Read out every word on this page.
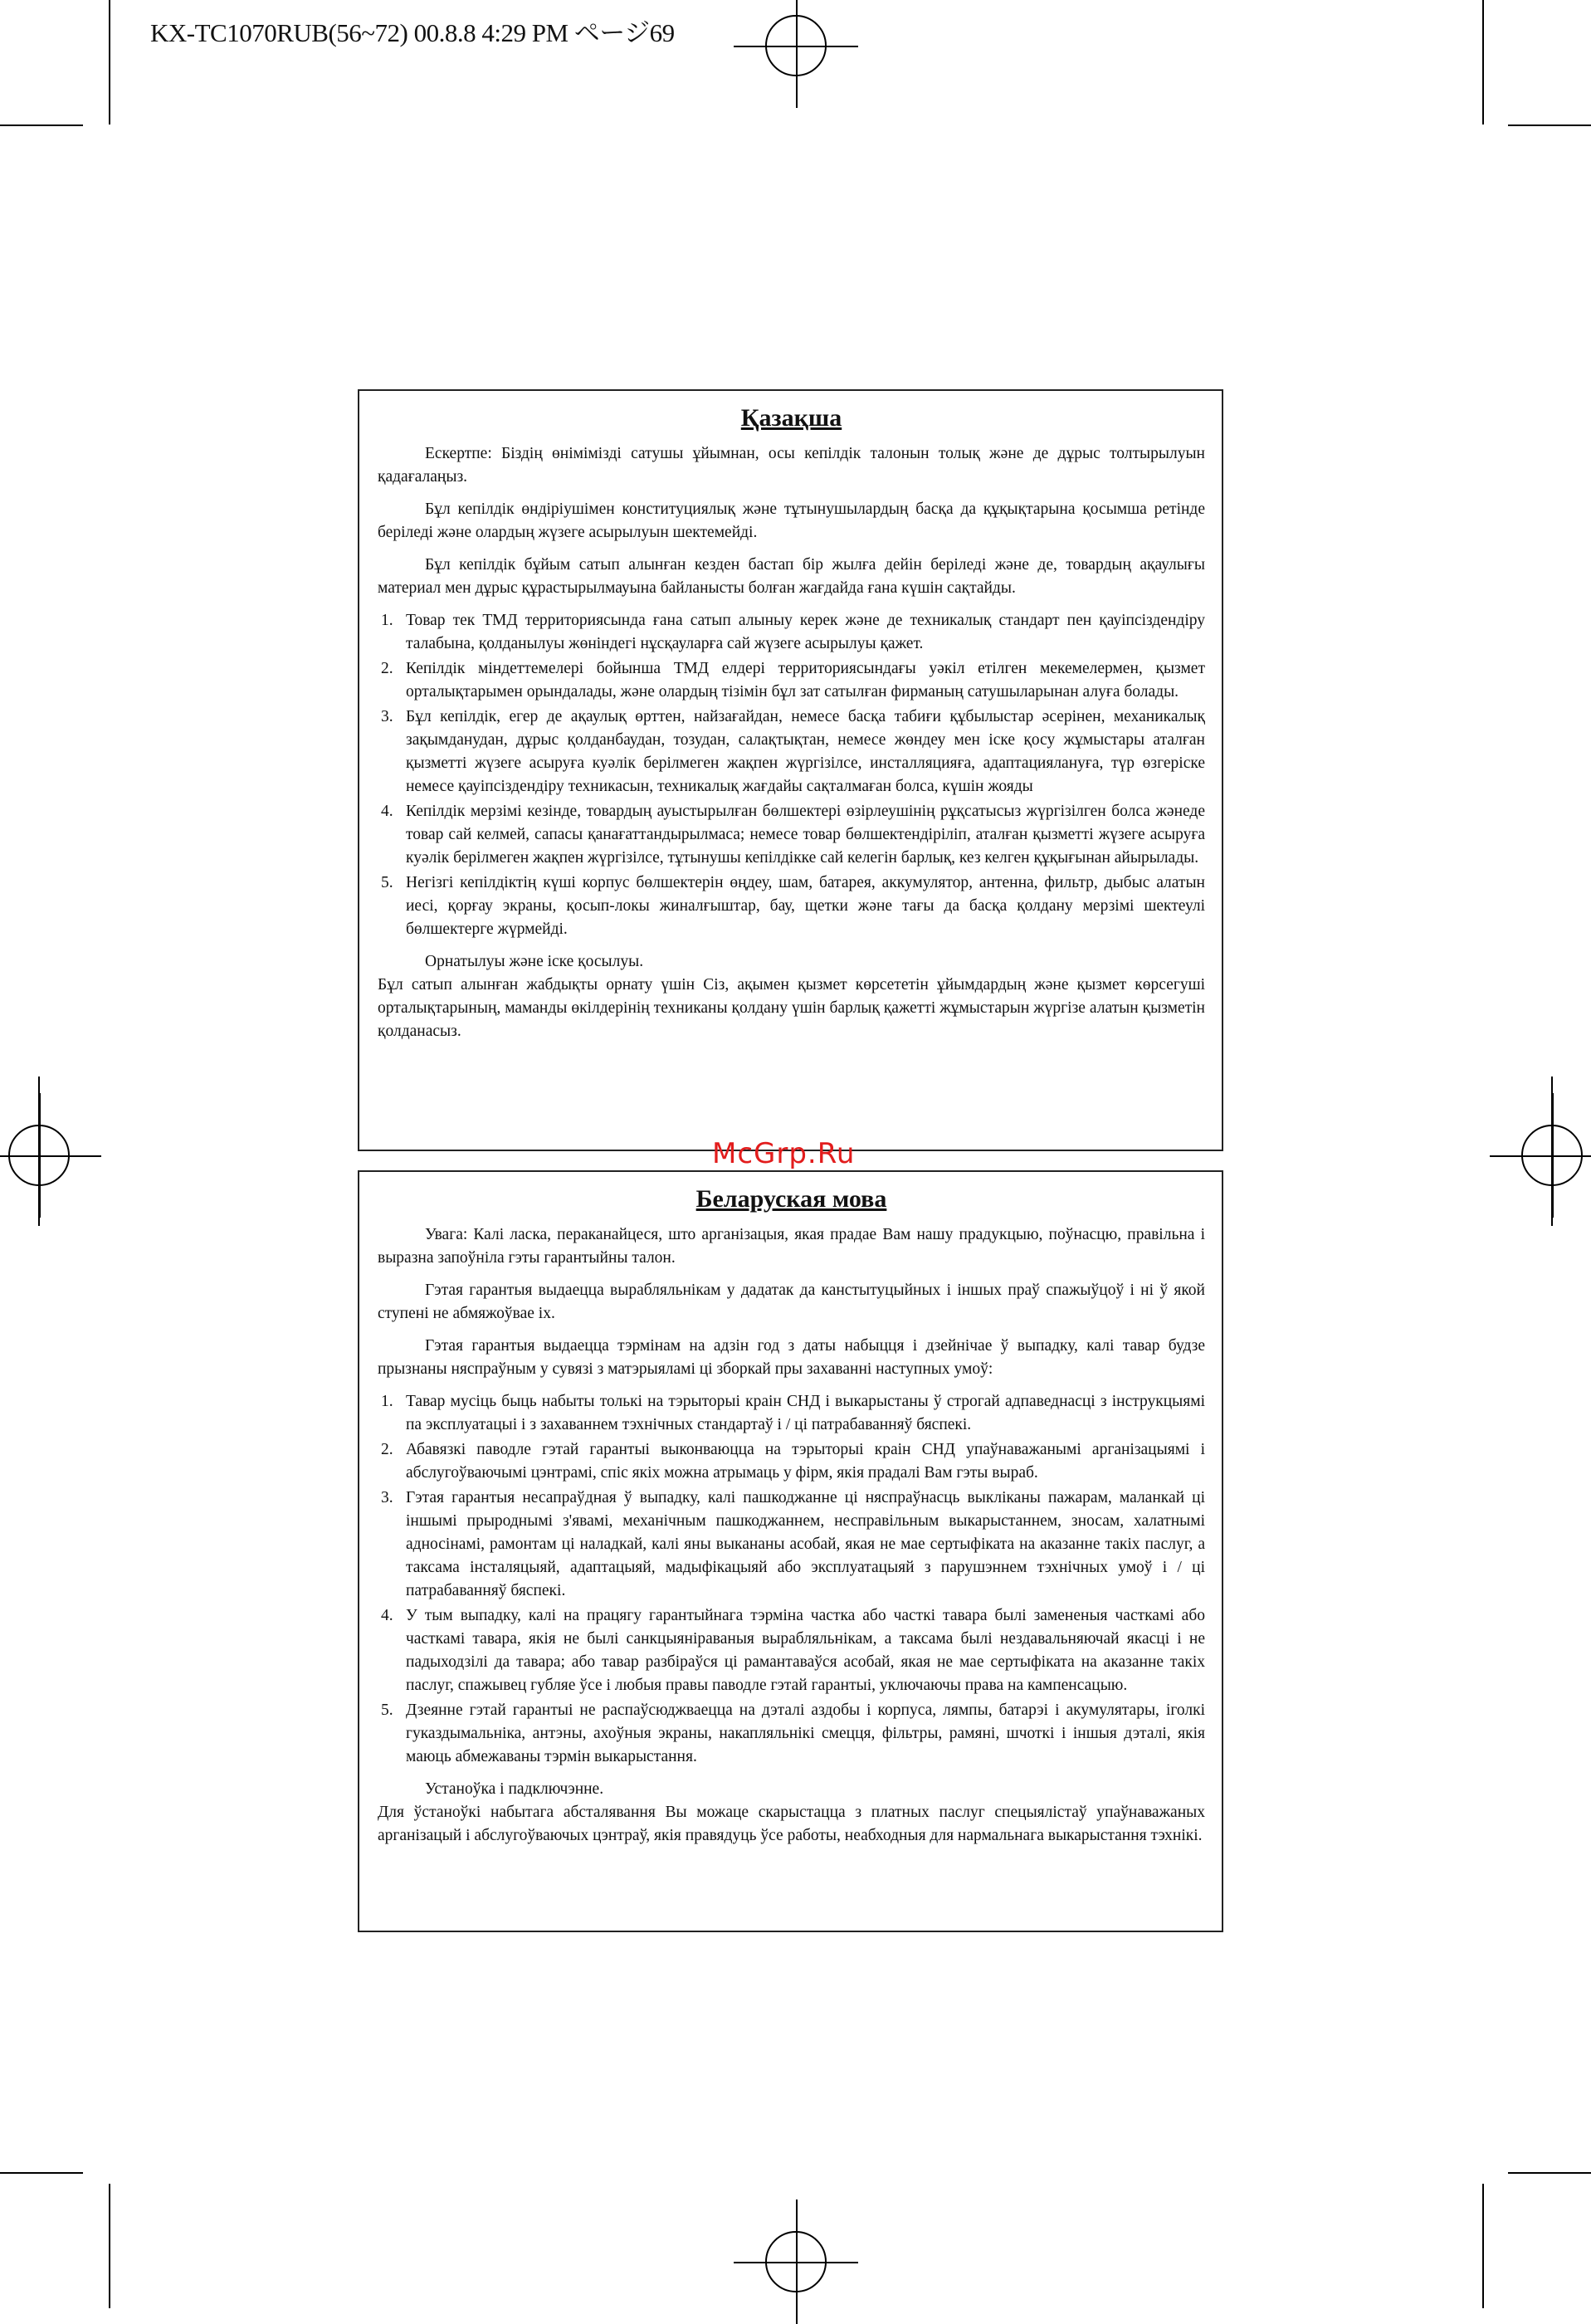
KX-TC1070RUB(56~72) 00.8.8 4:29 PM ページ69
Қазақша

Ескертпе: Біздің өнімімізді сатушы ұйымнан, осы кепілдік талонын толық және де дұрыс толтырылуын қадағалаңыз.

Бұл кепілдік өндіріушімен конституциялық және тұтынушылардың басқа да құқықтарына қосымша ретінде беріледі және олардың жүзеге асырылуын шектемейді.

Бұл кепілдік бұйым сатып алынған кезден бастап бір жылға дейін беріледі және де, товардың ақаулығы материал мен дұрыс құрастырылмауына байланысты болған жағдайда ғана күшін сақтайды.

1. Товар тек ТМД территориясында ғана сатып алыныу керек және де техникалық стандарт пен қауіпсіздендіру талабына, қолданылуы жөніндегі нұсқауларға сай жүзеге асырылуы қажет.
2. Кепілдік міндеттемелері бойынша ТМД елдері территориясындағы уәкіл етілген мекемелермен, қызмет орталықтарымен орындалады, және олардың тізімін бұл зат сатылған фирманың сатушыларынан алуға болады.
3. Бұл кепілдік, егер де ақаулық өрттен, найзағайдан, немесе басқа табиғи құбылыстар әсерінен, механикалық зақымданудан, дұрыс қолданбаудан, тозудан, салақтықтан, немесе жөндеу мен іске қосу жұмыстары аталған қызметті жүзеге асыруға куәлік берілмеген жақпен жүргізілсе, инсталляцияға, адаптациялануға, түр өзгеріске немесе қауіпсіздендіру техникасын, техникалық жағдайы сақталмаған болса, күшін жояды
4. Кепілдік мерзімі кезінде, товардың ауыстырылған бөлшектері өзірлеушінің рұқсатысыз жүргізілген болса жәнеде товар сай келмей, сапасы қанағаттандырылмаса; немесе товар бөлшектендіріліп, аталған қызметті жүзеге асыруға куәлік берілмеген жақпен жүргізілсе, тұтынушы кепілдікке сай келегін барлық, кез келген құқығынан айырылады.
5. Негізгі кепілдіктің күші корпус бөлшектерін өңдеу, шам, батарея, аккумулятор, антенна, фильтр, дыбыс алатын иесі, қорғау экраны, қосып-локы жиналғыштар, бау, щетки және тағы да басқа қолдану мерзімі шектеулі бөлшектерге жүрмейді.

Орнатылуы және іске қосылуы.

Бұл сатып алынған жабдықты орнату үшін Сіз, ақымен қызмет көрсететін ұйымдардың және қызмет көрсегуші орталықтарының, маманды өкілдерінің техниканы қолдану үшін барлық қажетті жұмыстарын жүргізе алатын қызметін қолданасыз.

McGrp.Ru
Беларуская мова

Увага: Калі ласка, пераканайцеся, што арганізацыя, якая прадае Вам нашу прадукцыю, поўнасцю, правільна і выразна запоўніла гэты гарантыйны талон.

Гэтая гарантыя выдаецца вырабляльнікам у дадатак да канстытуцыйных і іншых праў спажыўцоў і ні ў якой ступені не абмяжоўвае іх.

Гэтая гарантыя выдаецца тэрмінам на адзін год з даты набыцця і дзейнічае ў выпадку, калі тавар будзе прызнаны няспраўным у сувязі з матэрыяламі ці зборкай пры захаванні наступных умоў:

1. Тавар мусіць быць набыты толькі на тэрыторыі краін СНД і выкарыстаны ў строгай адпаведнасці з інструкцыямі па эксплуатацыі і з захаваннем тэхнічных стандартаў і / ці патрабаванняў бяспекі.
2. Абавязкі паводле гэтай гарантыі выконваюцца на тэрыторыі краін СНД упаўнаважанымі арганізацыямі і абслугоўваючымі цэнтрамі, спіс якіх можна атрымаць у фірм, якія прадалі Вам гэты выраб.
3. Гэтая гарантыя несапраўдная ў выпадку, калі пашкоджанне ці няспраўнасць выкліканы пажарам, маланкай ці іншымі прыроднымі з'явамі, механічным пашкоджаннем, несправільным выкарыстаннем, зносам, халатнымі адносінамі, рамонтам ці наладкай, калі яны выкананы асобай, якая не мае сертыфіката на аказанне такіх паслуг, а таксама інсталяцыяй, адаптацыяй, мадыфікацыяй або эксплуатацыяй з парушэннем тэхнічных умоў і / ці патрабаванняў бяспекі.
4. У тым выпадку, калі на працягу гарантыйнага тэрміна частка або часткі тавара былі замененыя часткамі або часткамі тавара, якія не былі санкцыянiраваныя вырабляльнікам, а таксама былі нездавальняючай якасці і не падыходзілі да тавара; або тавар разбіраўся ці рамантаваўся асобай, якая не мае сертыфіката на аказанне такіх паслуг, спажывец губляе ўсе і любыя правы паводле гэтай гарантыі, уключаючы права на кампенсацыю.
5. Дзеянне гэтай гарантыі не распаўсюджваецца на дэталі аздобы і корпуса, лямпы, батарэі і акумулятары, іголкі гуказдымальніка, антэны, ахоўныя экраны, накапляльнікі смецця, фільтры, рамяні, шчоткі і іншыя дэталі, якія маюць абмежаваны тэрмін выкарыстання.

Устаноўка і падключэнне.

Для ўстаноўкі набытага абсталявання Вы можаце скарыстацца з платных паслуг спецыялістаў упаўнаважаных арганізацый і абслугоўваючых цэнтраў, якія правядуць ўсе работы, неабходныя для нармальнага выкарыстання тэхнікі.
